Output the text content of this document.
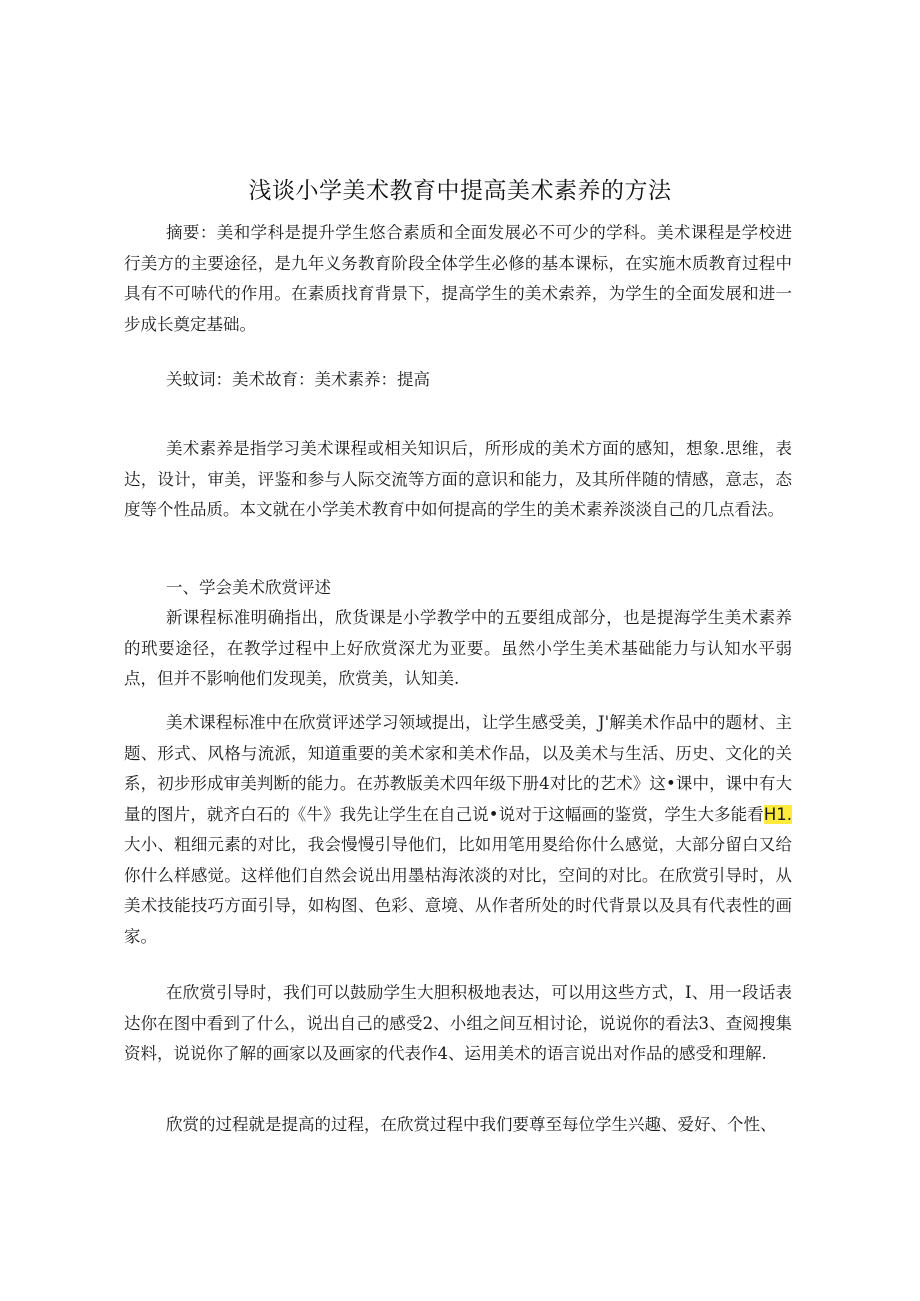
浅谈小学美术教育中提高美术素养的方法

摘要：美和学科是提升学生悠合素质和全面发展必不可少的学科。美术课程是学校进行美方的主要途径，是九年义务教育阶段全体学生必修的基本课标，在实施木质教育过程中具有不可哧代的作用。在素质找育背景下，提高学生的美术索养，为学生的全面发展和进一步成长奠定基础。

关蚊词：美术故育：美术素养：提高

美术素养是指学习美术课程或相关知识后，所形成的美术方面的感知，想象.思维，表达，设计，审美，评鉴和参与人际交流等方面的意识和能力，及其所伴随的情感，意志，态度等个性品质。本文就在小学美术教育中如何提高的学生的美术素养淡淡自己的几点看法。

一、学会美术欣赏评述

新课程标准明确指出，欣货课是小学教学中的五要组成部分，也是提海学生美术素养的玳要途径，在教学过程中上好欣赏深尤为亚要。虽然小学生美术基础能力与认知水平弱点，但并不影响他们发现美，欣赏美，认知美.

美术课程标准中在欣赏评述学习领域提出，让学生感受美，J'解美术作品中的题材、主题、形式、风格与流派，知道重要的美术家和美术作品，以及美术与生活、历史、文化的关系，初步形成审美判断的能力。在苏教版美术四年级下册4对比的艺术》这•课中，课中有大量的图片，就齐白石的《牛》我先让学生在自己说•说对于这幅画的鉴赏，学生大多能看H1.大小、粗细元素的对比，我会慢慢引导他们，比如用笔用畟给你什么感觉，大部分留白又给你什么样感觉。这样他们自然会说出用墨枯海浓淡的对比，空间的对比。在欣赏引导时，从美术技能技巧方面引导，如构图、色彩、意境、从作者所处的时代背景以及具有代表性的画家。

在欣赏引导时，我们可以鼓励学生大胆积极地表达，可以用这些方式，I、用一段话表达你在图中看到了什么，说出自己的感受2、小组之间互相讨论，说说你的看法3、查阅搜集资料，说说你了解的画家以及画家的代表作4、运用美术的语言说出对作品的感受和理解.

欣赏的过程就是提高的过程，在欣赏过程中我们要尊至每位学生兴趣、爱好、个性、
